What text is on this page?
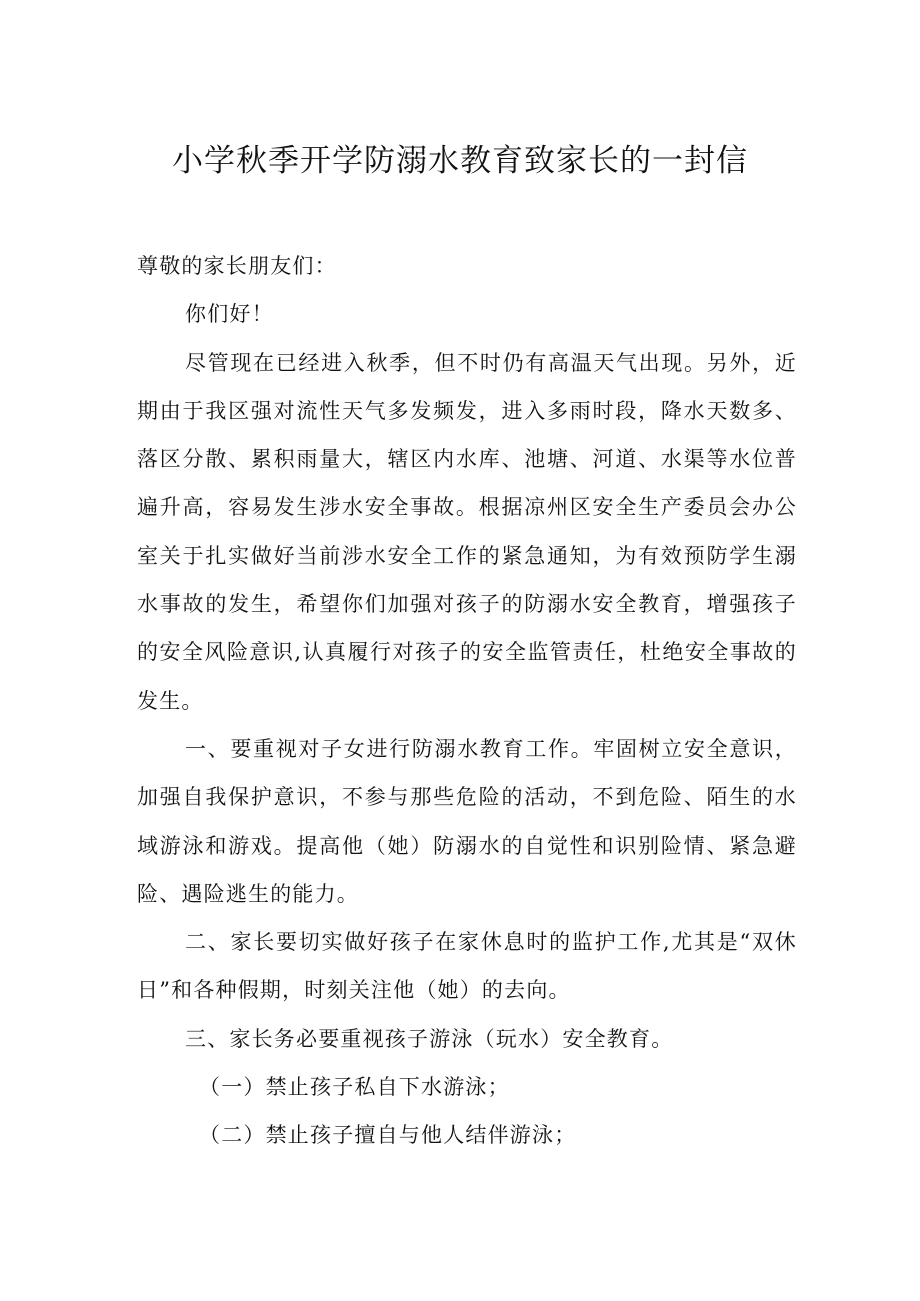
小学秋季开学防溺水教育致家长的一封信

尊敬的家长朋友们：

你们好！

尽管现在已经进入秋季，但不时仍有高温天气出现。另外，近期由于我区强对流性天气多发频发，进入多雨时段，降水天数多、落区分散、累积雨量大，辖区内水库、池塘、河道、水渠等水位普遍升高，容易发生涉水安全事故。根据凉州区安全生产委员会办公室关于扎实做好当前涉水安全工作的紧急通知，为有效预防学生溺水事故的发生，希望你们加强对孩子的防溺水安全教育，增强孩子的安全风险意识,认真履行对孩子的安全监管责任，杜绝安全事故的发生。

一、要重视对子女进行防溺水教育工作。牢固树立安全意识，加强自我保护意识，不参与那些危险的活动，不到危险、陌生的水域游泳和游戏。提高他（她）防溺水的自觉性和识别险情、紧急避险、遇险逃生的能力。

二、家长要切实做好孩子在家休息时的监护工作,尤其是“双休日”和各种假期，时刻关注他（她）的去向。

三、家长务必要重视孩子游泳（玩水）安全教育。

（一）禁止孩子私自下水游泳；

（二）禁止孩子擅自与他人结伴游泳；
